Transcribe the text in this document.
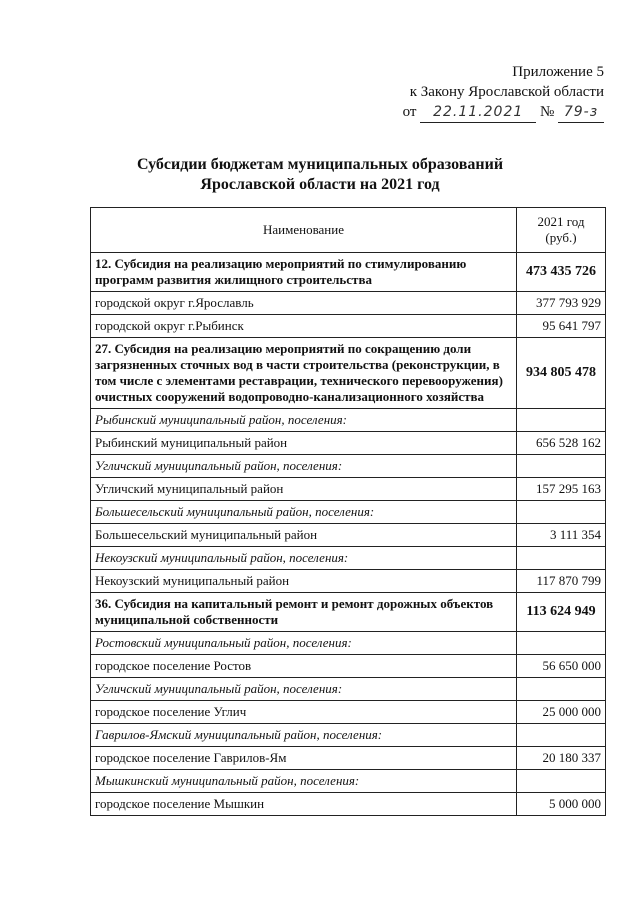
Приложение 5
к Закону Ярославской области
от 22.11.2021 № 79-з
Субсидии бюджетам муниципальных образований
Ярославской области на 2021 год
Наименование	2021 год
(руб.)

12. Субсидия на реализацию мероприятий по стимулированию программ развития жилищного строительства	473 435 726
городской округ г.Ярославль	377 793 929
городской округ г.Рыбинск	95 641 797
27. Субсидия на реализацию мероприятий по сокращению доли загрязненных сточных вод в части строительства (реконструкции, в том числе с элементами реставрации, технического перевооружения) очистных сооружений водопроводно-канализационного хозяйства	934 805 478
Рыбинский муниципальный район, поселения:	
Рыбинский муниципальный район	656 528 162
Угличский муниципальный район, поселения:	
Угличский муниципальный район	157 295 163
Большесельский муниципальный район, поселения:	
Большесельский муниципальный район	3 111 354
Некоузский муниципальный район, поселения:	
Некоузский муниципальный район	117 870 799
36. Субсидия на капитальный ремонт и ремонт дорожных объектов муниципальной собственности	113 624 949
Ростовский муниципальный район, поселения:	
городское поселение Ростов	56 650 000
Угличский муниципальный район, поселения:	
городское поселение Углич	25 000 000
Гаврилов-Ямский муниципальный район, поселения:	
городское поселение Гаврилов-Ям	20 180 337
Мышкинский муниципальный район, поселения:	
городское поселение Мышкин	5 000 000
